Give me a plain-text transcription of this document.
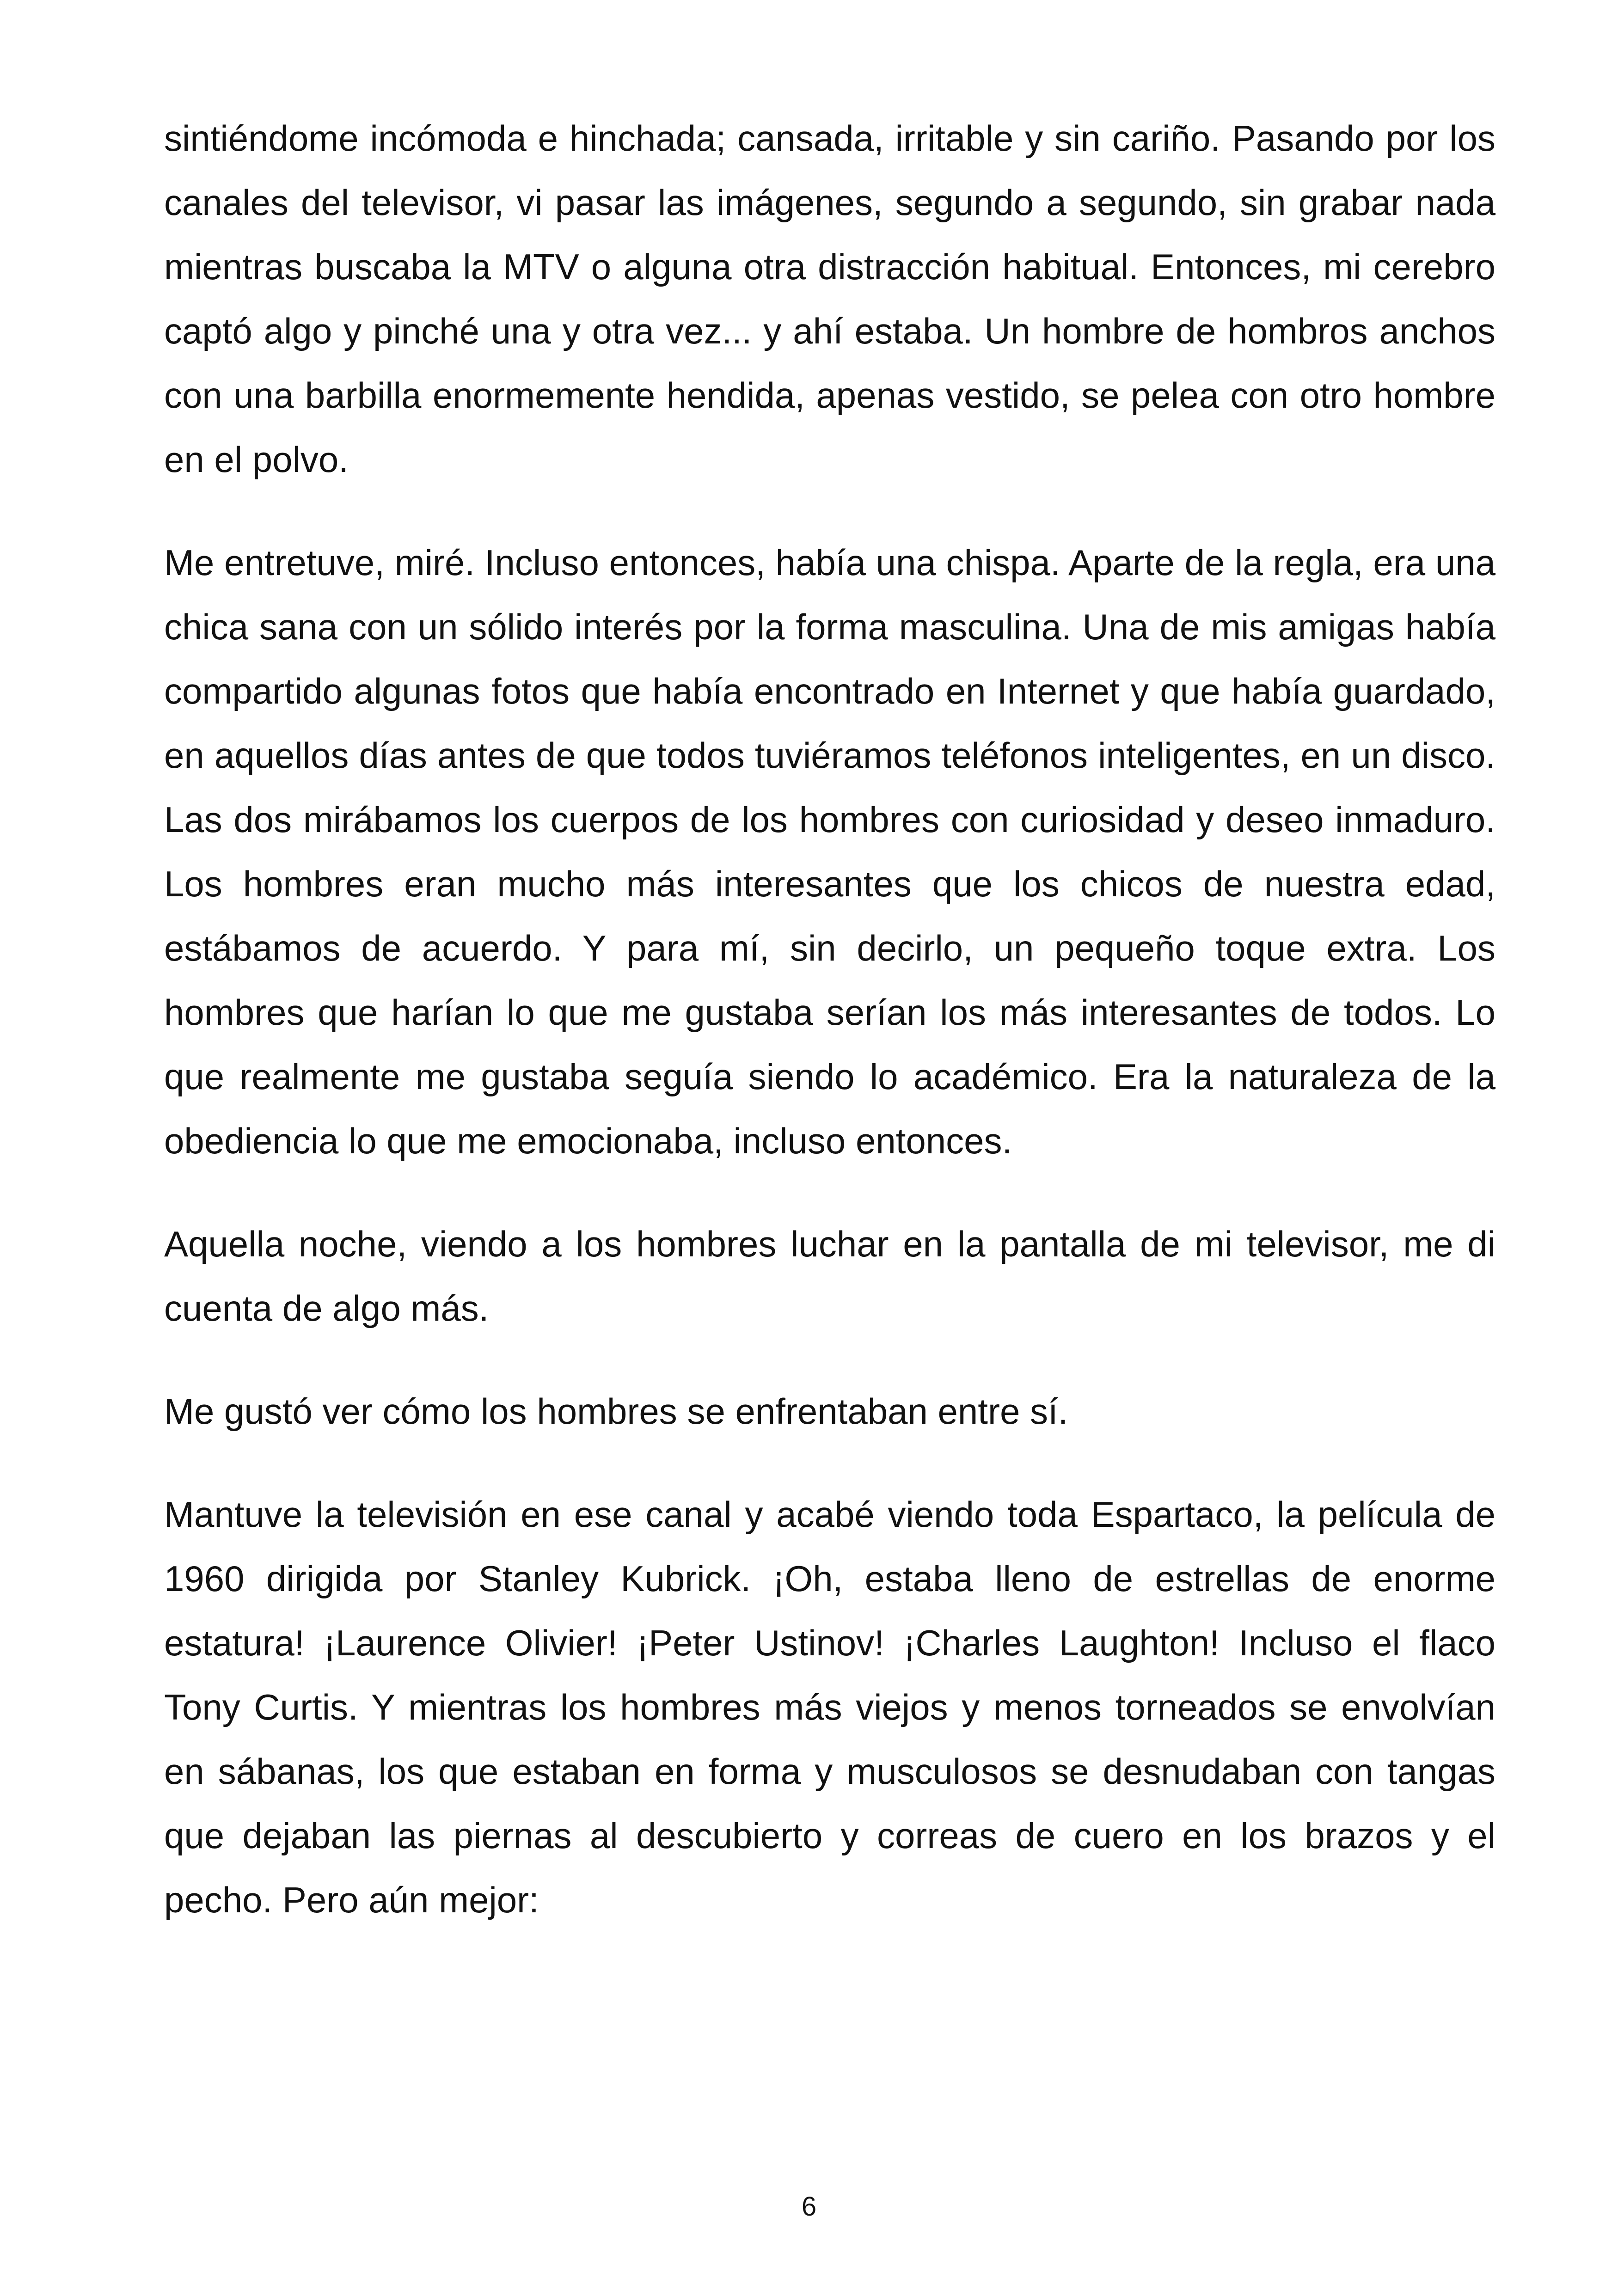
sintiéndome incómoda e hinchada; cansada, irritable y sin cariño. Pasando por los canales del televisor, vi pasar las imágenes, segundo a segundo, sin grabar nada mientras buscaba la MTV o alguna otra distracción habitual. Entonces, mi cerebro captó algo y pinché una y otra vez... y ahí estaba. Un hombre de hombros anchos con una barbilla enormemente hendida, apenas vestido, se pelea con otro hombre en el polvo.

Me entretuve, miré. Incluso entonces, había una chispa. Aparte de la regla, era una chica sana con un sólido interés por la forma masculina. Una de mis amigas había compartido algunas fotos que había encontrado en Internet y que había guardado, en aquellos días antes de que todos tuviéramos teléfonos inteligentes, en un disco. Las dos mirábamos los cuerpos de los hombres con curiosidad y deseo inmaduro. Los hombres eran mucho más interesantes que los chicos de nuestra edad, estábamos de acuerdo. Y para mí, sin decirlo, un pequeño toque extra. Los hombres que harían lo que me gustaba serían los más interesantes de todos. Lo que realmente me gustaba seguía siendo lo académico. Era la naturaleza de la obediencia lo que me emocionaba, incluso entonces.

Aquella noche, viendo a los hombres luchar en la pantalla de mi televisor, me di cuenta de algo más.

Me gustó ver cómo los hombres se enfrentaban entre sí.

Mantuve la televisión en ese canal y acabé viendo toda Espartaco, la película de 1960 dirigida por Stanley Kubrick. ¡Oh, estaba lleno de estrellas de enorme estatura! ¡Laurence Olivier! ¡Peter Ustinov! ¡Charles Laughton! Incluso el flaco Tony Curtis. Y mientras los hombres más viejos y menos torneados se envolvían en sábanas, los que estaban en forma y musculosos se desnudaban con tangas que dejaban las piernas al descubierto y correas de cuero en los brazos y el pecho. Pero aún mejor:

6
